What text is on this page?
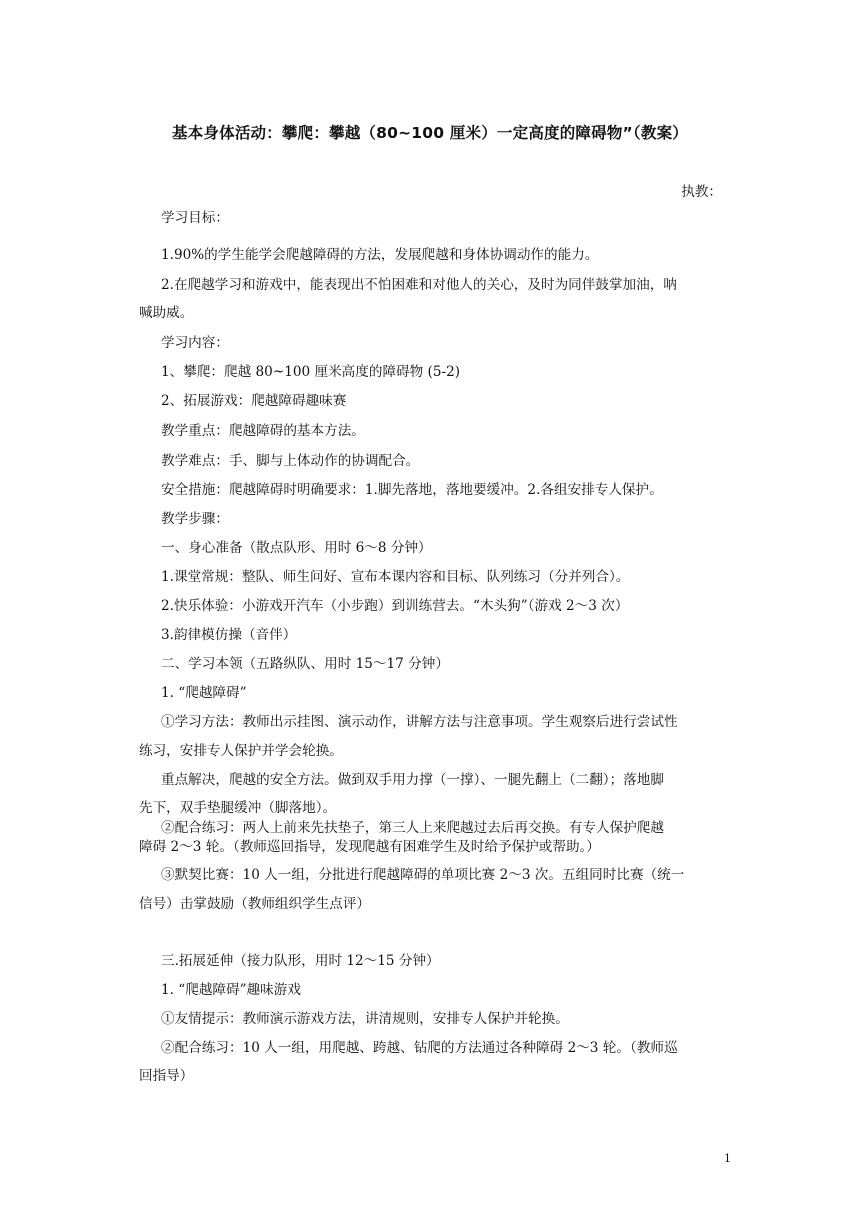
基本身体活动：攀爬：攀越（80~100 厘米）一定高度的障碍物”（教案）
执教：
学习目标：
1.90%的学生能学会爬越障碍的方法，发展爬越和身体协调动作的能力。
2.在爬越学习和游戏中，能表现出不怕困难和对他人的关心，及时为同伴鼓掌加油，呐
喊助威。
学习内容：
1、攀爬：爬越 80~100 厘米高度的障碍物 (5-2)
2、拓展游戏：爬越障碍趣味赛
教学重点：爬越障碍的基本方法。
教学难点：手、脚与上体动作的协调配合。
安全措施：爬越障碍时明确要求：1.脚先落地，落地要缓冲。2.各组安排专人保护。
教学步骤：
一、身心准备（散点队形、用时 6～8 分钟）
1.课堂常规：整队、师生问好、宣布本课内容和目标、队列练习（分并列合）。
2.快乐体验：小游戏开汽车（小步跑）到训练营去。“木头狗”（游戏 2～3 次）
3.韵律模仿操（音伴）
二、学习本领（五路纵队、用时 15～17 分钟）
1. “爬越障碍”
①学习方法：教师出示挂图、演示动作，讲解方法与注意事项。学生观察后进行尝试性
练习，安排专人保护并学会轮换。
重点解决，爬越的安全方法。做到双手用力撑（一撑）、一腿先翻上（二翻）；落地脚
先下，双手垫腿缓冲（脚落地）。
②配合练习：两人上前来先扶垫子，第三人上来爬越过去后再交换。有专人保护爬越
障碍 2～3 轮。（教师巡回指导，发现爬越有困难学生及时给予保护或帮助。）
③默契比赛：10 人一组，分批进行爬越障碍的单项比赛 2～3 次。五组同时比赛（统一
信号）击掌鼓励（教师组织学生点评）
三.拓展延伸（接力队形，用时 12～15 分钟）
1. “爬越障碍”趣味游戏
①友情提示：教师演示游戏方法，讲清规则，安排专人保护并轮换。
②配合练习：10 人一组，用爬越、跨越、钻爬的方法通过各种障碍 2～3 轮。（教师巡
回指导）
1
